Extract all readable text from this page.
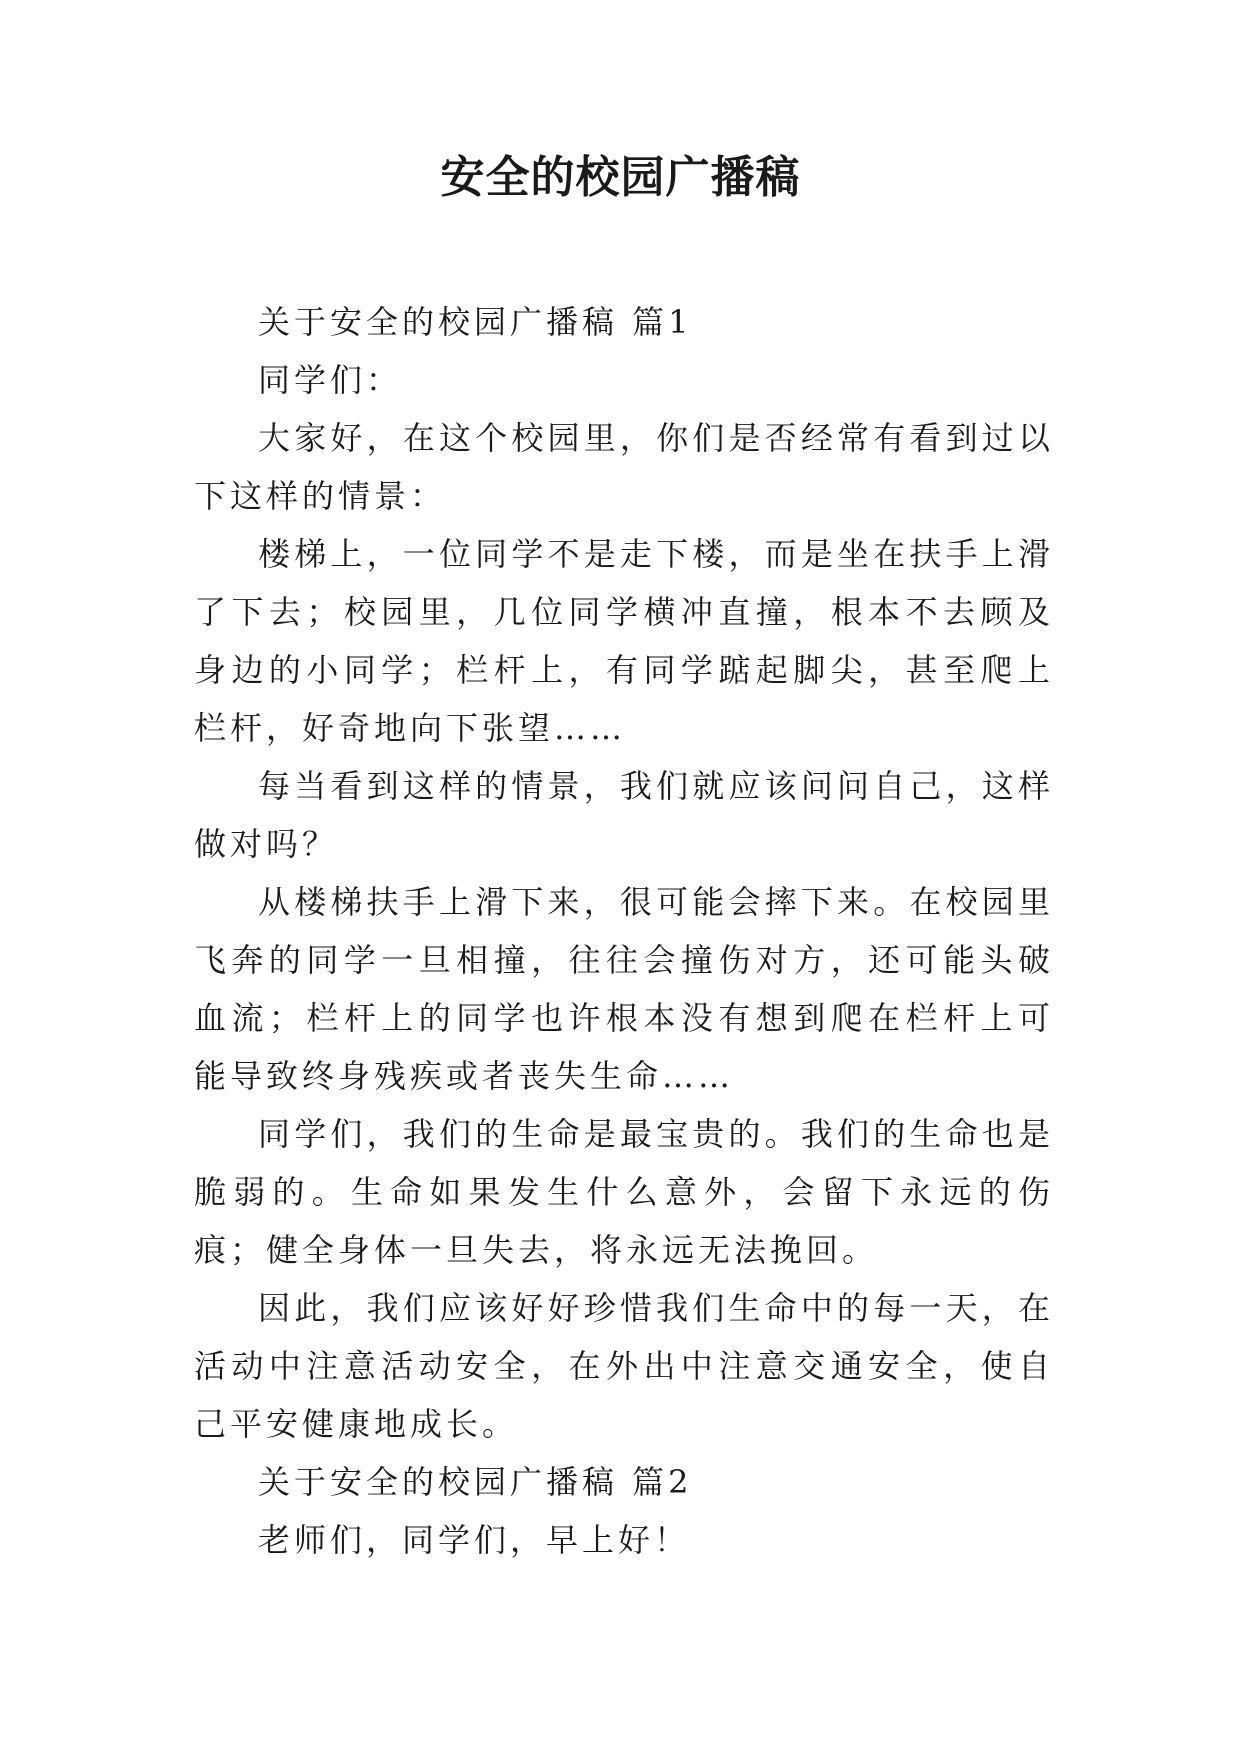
安全的校园广播稿

关于安全的校园广播稿 篇1

同学们：

大家好，在这个校园里，你们是否经常有看到过以下这样的情景：

楼梯上，一位同学不是走下楼，而是坐在扶手上滑了下去；校园里，几位同学横冲直撞，根本不去顾及身边的小同学；栏杆上，有同学踮起脚尖，甚至爬上栏杆，好奇地向下张望……

每当看到这样的情景，我们就应该问问自己，这样做对吗？

从楼梯扶手上滑下来，很可能会摔下来。在校园里飞奔的同学一旦相撞，往往会撞伤对方，还可能头破血流；栏杆上的同学也许根本没有想到爬在栏杆上可能导致终身残疾或者丧失生命……

同学们，我们的生命是最宝贵的。我们的生命也是脆弱的。生命如果发生什么意外，会留下永远的伤痕；健全身体一旦失去，将永远无法挽回。

因此，我们应该好好珍惜我们生命中的每一天，在活动中注意活动安全，在外出中注意交通安全，使自己平安健康地成长。

关于安全的校园广播稿 篇2

老师们，同学们，早上好！
